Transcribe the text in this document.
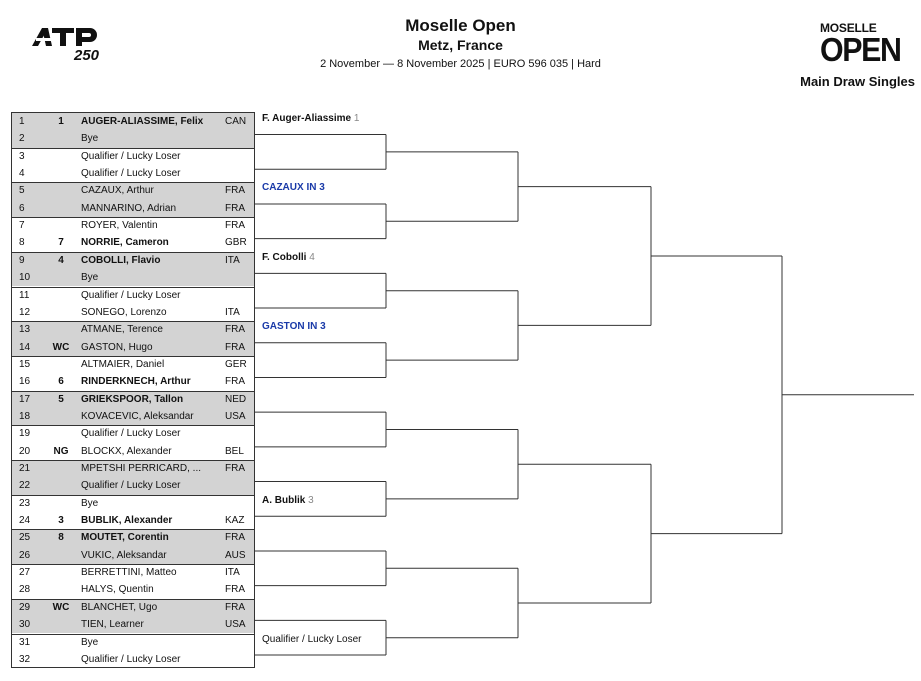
250
Moselle Open
Metz, France
2 November — 8 November 2025 | EURO 596 035 | Hard
MOSELLE
OPEN
Main Draw Singles
1	1	AUGER-ALIASSIME, Felix CAN
2	Bye
3	Qualifier / Lucky Loser
4	Qualifier / Lucky Loser
5	CAZAUX, Arthur	FRA
6	MANNARINO, Adrian	FRA
7	ROYER, Valentin	FRA
8	7	NORRIE, Cameron	GBR
9	4	COBOLLI, Flavio	ITA
10	Bye
11	Qualifier / Lucky Loser
12	SONEGO, Lorenzo	ITA
13	ATMANE, Terence	FRA
14	WC	GASTON, Hugo	FRA
15	ALTMAIER, Daniel	GER
16	6	RINDERKNECH, Arthur	FRA
17	5	GRIEKSPOOR, Tallon	NED
18	KOVACEVIC, Aleksandar	USA
19	Qualifier / Lucky Loser
20	NG	BLOCKX, Alexander	BEL
21	MPETSHI PERRICARD, ... FRA
22	Qualifier / Lucky Loser
23	Bye
24	3	BUBLIK, Alexander	KAZ
25	8	MOUTET, Corentin	FRA
26	VUKIC, Aleksandar	AUS
27	BERRETTINI, Matteo	ITA
28	HALYS, Quentin	FRA
29	WC	BLANCHET, Ugo	FRA
30	TIEN, Learner	USA
31	Bye
32	Qualifier / Lucky Loser
F. Auger-Aliassime 1
CAZAUX IN 3
F. Cobolli 4
GASTON IN 3
A. Bublik 3
Qualifier / Lucky Loser
